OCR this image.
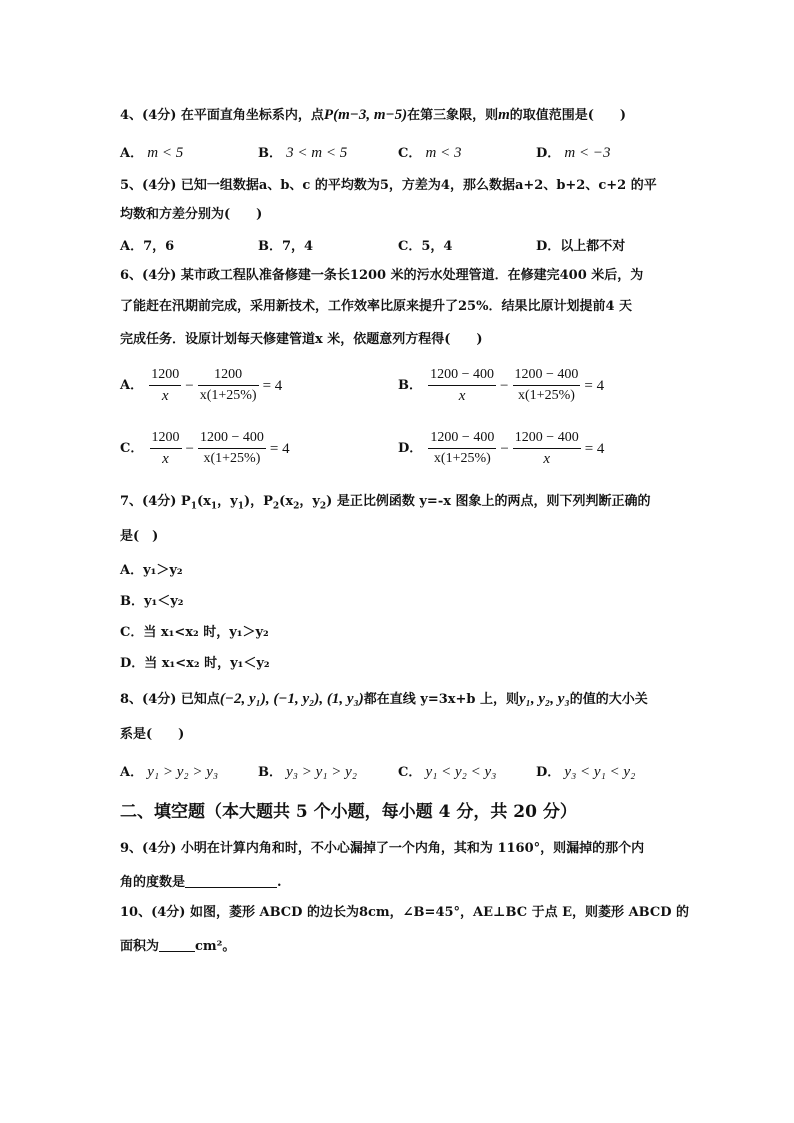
4、(4分) 在平面直角坐标系内，点P(m−3, m−5)在第三象限，则m的取值范围是(　　)
A． m < 5	B． 3 < m < 5	C． m < 3	D． m < −3
5、(4分) 已知一组数据a、b、c 的平均数为5，方差为4，那么数据a+2、b+2、c+2 的平
均数和方差分别为(　　)
A．7，6	B．7，4	C．5，4	D．以上都不对
6、(4分) 某市政工程队准备修建一条长1200 米的污水处理管道．在修建完400 米后，为
了能赶在汛期前完成，采用新技术，工作效率比原来提升了25%．结果比原计划提前4 天
完成任务．设原计划每天修建管道x 米，依题意列方程得(　　)
A． $\frac{1200}{x} - \frac{1200}{x(1+25\%)} = 4$	B． $\frac{1200 - 400}{x} - \frac{1200 - 400}{x(1+25\%)} = 4$
C． $\frac{1200}{x} - \frac{1200 - 400}{x(1+25\%)} = 4$	D． $\frac{1200 - 400}{x(1+25\%)} - \frac{1200 - 400}{x} = 4$
7、(4分) $P_1(x_1$，$y_1$)，$P_2(x_2$，$y_2$) 是正比例函数 y=-x 图象上的两点，则下列判断正确的
是(　)
A．y₁＞y₂
B．y₁＜y₂
C．当 x₁<x₂ 时，y₁＞y₂
D．当 x₁<x₂ 时，y₁＜y₂
8、(4分) 已知点(−2, y₁), (−1, y₂), (1, y₃)都在直线 y=3x+b 上，则y₁, y₂, y₃的值的大小关
系是(　　)
A． y₁ > y₂ > y₃	B． y₃ > y₁ > y₂	C． y₁ < y₂ < y₃	D． y₃ < y₁ < y₂
二、填空题（本大题共 5 个小题，每小题 4 分，共 20 分）
9、(4分) 小明在计算内角和时，不小心漏掉了一个内角，其和为 1160°，则漏掉的那个内
角的度数是	.
10、(4分) 如图，菱形 ABCD 的边长为8cm，∠B=45°，AE⊥BC 于点 E，则菱形 ABCD 的
面积为	cm²。
